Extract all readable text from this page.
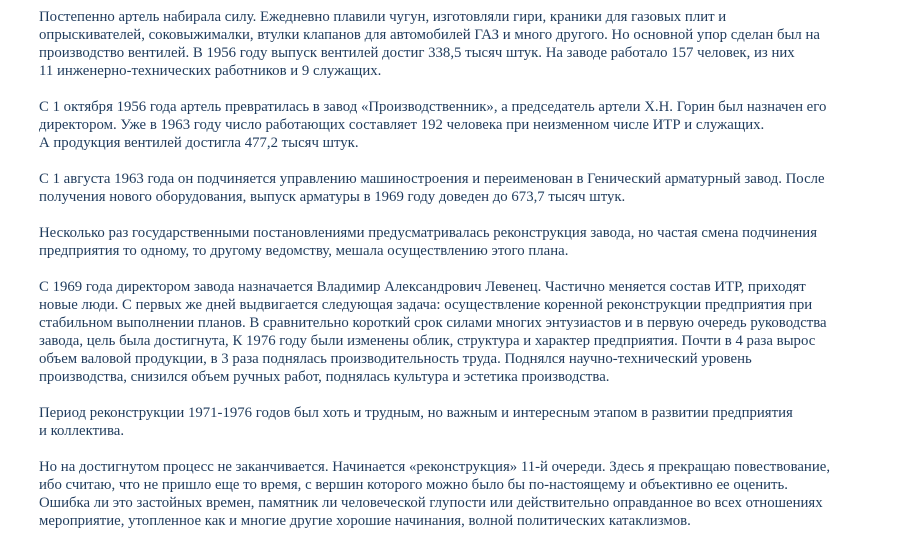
Постепенно артель набирала силу. Ежедневно плавили чугун, изготовляли гири, краники для газовых плит и
опрыскивателей, соковыжималки, втулки клапанов для автомобилей ГАЗ и много другого. Но основной упор сделан был на
производство вентилей. В 1956 году выпуск вентилей достиг 338,5 тысяч штук. На заводе работало 157 человек, из них
11 инженерно-технических работников и 9 служащих.

С 1 октября 1956 года артель превратилась в завод «Производственник», а председатель артели Х.Н. Горин был назначен его
директором. Уже в 1963 году число работающих составляет 192 человека при неизменном числе ИТР и служащих.
А продукция вентилей достигла 477,2 тысяч штук.

С 1 августа 1963 года он подчиняется управлению машиностроения и переименован в Генический арматурный завод. После
получения нового оборудования, выпуск арматуры в 1969 году доведен до 673,7 тысяч штук.

Несколько раз государственными постановлениями предусматривалась реконструкция завода, но частая смена подчинения
предприятия то одному, то другому ведомству, мешала осуществлению этого плана.

С 1969 года директором завода назначается Владимир Александрович Левенец. Частично меняется состав ИТР, приходят
новые люди. С первых же дней выдвигается следующая задача: осуществление коренной реконструкции предприятия при
стабильном выполнении планов. В сравнительно короткий срок силами многих энтузиастов и в первую очередь руководства
завода, цель была достигнута, К 1976 году были изменены облик, структура и характер предприятия. Почти в 4 раза вырос
объем валовой продукции, в 3 раза поднялась производительность труда. Поднялся научно-технический уровень
производства, снизился объем ручных работ, поднялась культура и эстетика производства.

Период реконструкции 1971-1976 годов был хоть и трудным, но важным и интересным этапом в развитии предприятия
и коллектива.

Но на достигнутом процесс не заканчивается. Начинается «реконструкция» 11-й очереди. Здесь я прекращаю повествование,
ибо считаю, что не пришло еще то время, с вершин которого можно было бы по-настоящему и объективно ее оценить.
Ошибка ли это застойных времен, памятник ли человеческой глупости или действительно оправданное во всех отношениях
мероприятие, утопленное как и многие другие хорошие начинания, волной политических катаклизмов.
